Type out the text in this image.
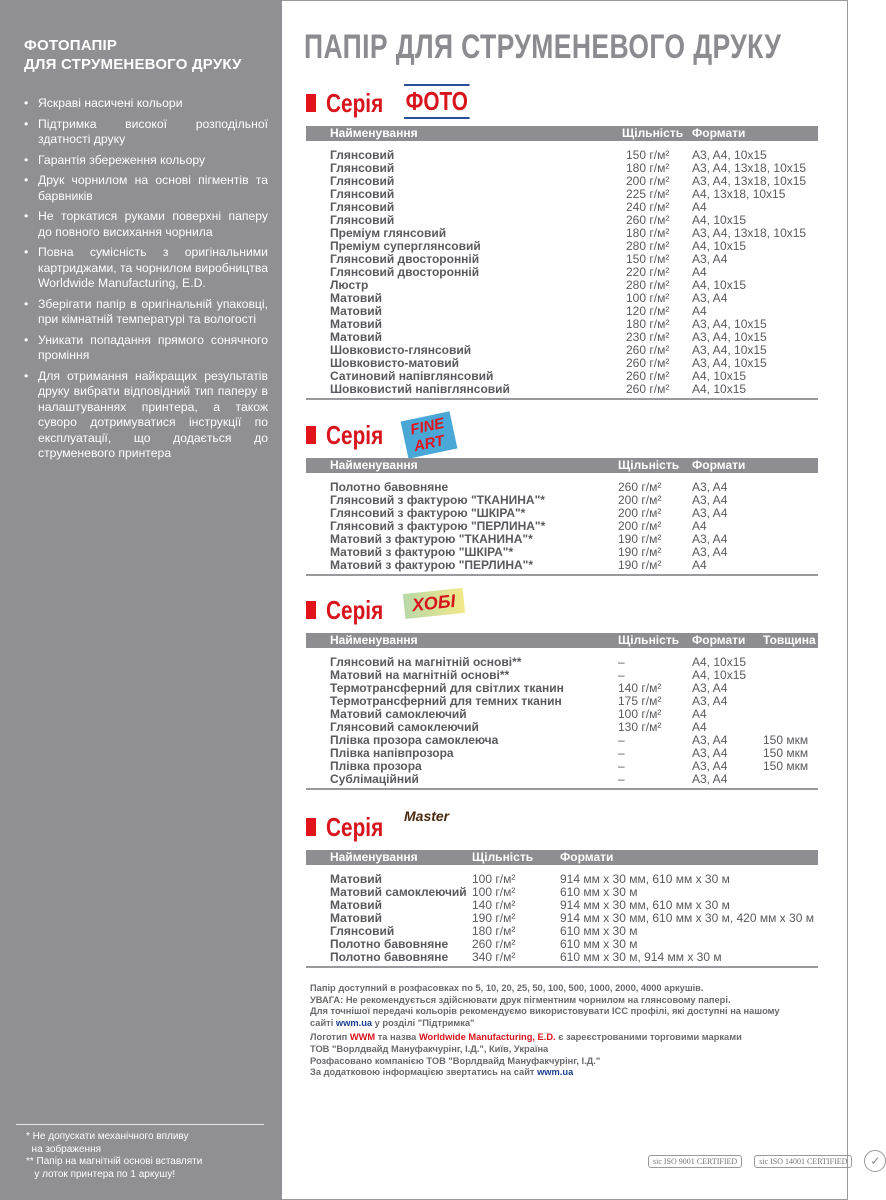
ФОТОПАПІР
ДЛЯ СТРУМЕНЕВОГО ДРУКУ
• Яскраві насичені кольори
• Підтримка високої розподільної здатності друку
• Гарантія збереження кольору
• Друк чорнилом на основі пігментів та барвників
• Не торкатися руками поверхні паперу до повного висихання чорнила
• Повна сумісність з оригінальними картриджами, та чорнилом виробництва Worldwide Manufacturing, E.D.
• Зберігати папір в оригінальній упаковці, при кімнатній температурі та вологості
• Уникати попадання прямого сонячного проміння
• Для отримання найкращих результатів друку вибрати відповідний тип паперу в налаштуваннях принтера, а також суворо дотримуватися інструкції по експлуатації, що додається до струменевого принтера
* Не допускати механічного впливу
на зображення
** Папір на магнітній основі вставляти
у лоток принтера по 1 аркушу!
ПАПІР ДЛЯ СТРУМЕНЕВОГО ДРУКУ
Серія ФОТО
Найменування	Щільність Формати
Глянсовий	150 г/м² A3, A4, 10x15
Глянсовий	180 г/м² A3, A4, 13x18, 10x15
Глянсовий	200 г/м² A3, A4, 13x18, 10x15
Глянсовий	225 г/м² A4, 13x18, 10x15
Глянсовий	240 г/м² A4
Глянсовий	260 г/м² A4, 10x15
Преміум глянсовий	180 г/м² A3, A4, 13x18, 10x15
Преміум суперглянсовий	280 г/м² A4, 10x15
Глянсовий двосторонній	150 г/м² A3, A4
Глянсовий двосторонній	220 г/м² A4
Люстр	280 г/м² A4, 10x15
Матовий	100 г/м² A3, A4
Матовий	120 г/м² A4
Матовий	180 г/м² A3, A4, 10x15
Матовий	230 г/м² A3, A4, 10x15
Шовковисто-глянсовий	260 г/м² A3, A4, 10x15
Шовковисто-матовий	260 г/м² A3, A4, 10x15
Сатиновий напівглянсовий	260 г/м² A4, 10x15
Шовковистий напівглянсовий	260 г/м² A4, 10x15
Серія	FINE ART
Найменування	Щільність Формати
Полотно бавовняне	260 г/м²	A3, A4
Глянсовий з фактурою "ТКАНИНА"*	200 г/м²	A3, A4
Глянсовий з фактурою "ШКІРА"*	200 г/м²	A3, A4
Глянсовий з фактурою "ПЕРЛИНА"*	200 г/м²	A4
Матовий з фактурою "ТКАНИНА"*	190 г/м²	A3, A4
Матовий з фактурою "ШКІРА"*	190 г/м²	A3, A4
Матовий з фактурою "ПЕРЛИНА"*	190 г/м²	A4
Серія	ХОБІ
Найменування	Щільність Формати Товщина
Глянсовий на магнітній основі**	–	A4, 10x15
Матовий на магнітній основі**	–	A4, 10x15
Термотрансферний для світлих тканин	140 г/м²	A3, A4
Термотрансферний для темних тканин	175 г/м²	A3, A4
Матовий самоклеючий	100 г/м²	A4
Глянсовий самоклеючий	130 г/м²	A4
Плівка прозора самоклеюча	–	A3, A4	150 мкм
Плівка напівпрозора	–	A3, A4	150 мкм
Плівка прозора	–	A3, A4	150 мкм
Сублімаційний	–	A3, A4
Серія Master
Найменування	Щільність Формати
Матовий	100 г/м²	914 мм x 30 мм, 610 мм x 30 м
Матовий самоклеючий 100 г/м²	610 мм x 30 м
Матовий	140 г/м²	914 мм x 30 мм, 610 мм x 30 м
Матовий	190 г/м²	914 мм x 30 мм, 610 мм x 30 м, 420 мм x 30 м
Глянсовий	180 г/м²	610 мм x 30 м
Полотно бавовняне 260 г/м²	610 мм x 30 м
Полотно бавовняне 340 г/м²	610 мм x 30 м, 914 мм x 30 м
Папір доступний в розфасовках по 5, 10, 20, 25, 50, 100, 500, 1000, 2000, 4000 аркушів.
УВАГА: Не рекомендується здійснювати друк пігментним чорнилом на глянсовому папері.
Для точнішої передачі кольорів рекомендуємо використовувати ICC профілі, які доступні на нашому
сайті wwm.ua у розділі "Підтримка"
Логотип WWM та назва Worldwide Manufacturing, E.D. є зареєстрованими торговими марками
ТОВ "Ворлдвайд Мануфакчурінг, І.Д.", Київ, Україна
Розфасовано компанією ТОВ "Ворлдвайд Мануфакчурінг, І.Д."
За додатковою інформацією звертатись на сайт wwm.ua
sic ISO 9001 CERTIFIED	sic ISO 14001 CERTIFIED	✓
